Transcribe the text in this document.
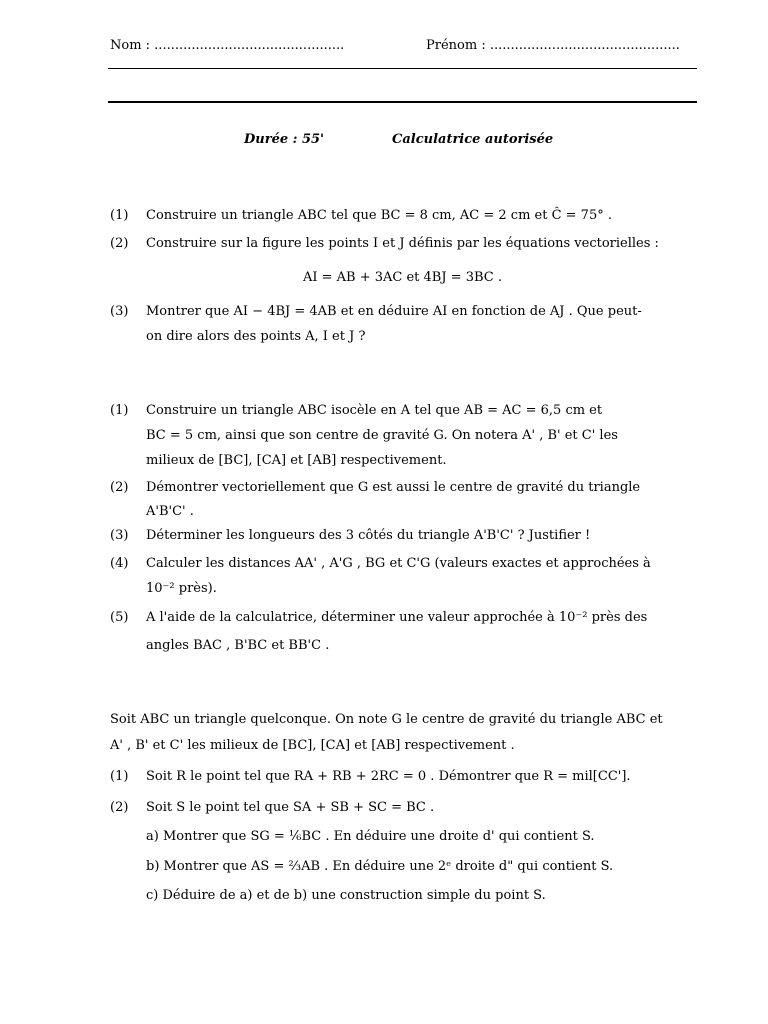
Nom : ..............................................	Prénom : ..............................................
Durée : 55'	Calculatrice autorisée
(1) Construire un triangle ABC tel que BC = 8 cm, AC = 2 cm et Ĉ = 75° .
(2) Construire sur la figure les points I et J définis par les équations vectorielles :
AI = AB + 3AC et 4BJ = 3BC .
(3) Montrer que AI − 4BJ = 4AB et en déduire AI en fonction de AJ . Que peut-
on dire alors des points A, I et J ?
(1) Construire un triangle ABC isocèle en A tel que AB = AC = 6,5 cm et
BC = 5 cm, ainsi que son centre de gravité G. On notera A' , B' et C' les
milieux de [BC], [CA] et [AB] respectivement.
(2) Démontrer vectoriellement que G est aussi le centre de gravité du triangle
A'B'C' .
(3) Déterminer les longueurs des 3 côtés du triangle A'B'C' ? Justifier !
(4) Calculer les distances AA' , A'G , BG et C'G (valeurs exactes et approchées à
10⁻² près).
(5) A l'aide de la calculatrice, déterminer une valeur approchée à 10⁻² près des
angles BAC , B'BC et BB'C .
Soit ABC un triangle quelconque. On note G le centre de gravité du triangle ABC et
A' , B' et C' les milieux de [BC], [CA] et [AB] respectivement .
(1) Soit R le point tel que RA + RB + 2RC = 0 . Démontrer que R = mil[CC'].
(2) Soit S le point tel que SA + SB + SC = BC .
a) Montrer que SG = ⅙BC . En déduire une droite d' qui contient S.
b) Montrer que AS = ⅔AB . En déduire une 2ᵉ droite d" qui contient S.
c) Déduire de a) et de b) une construction simple du point S.
